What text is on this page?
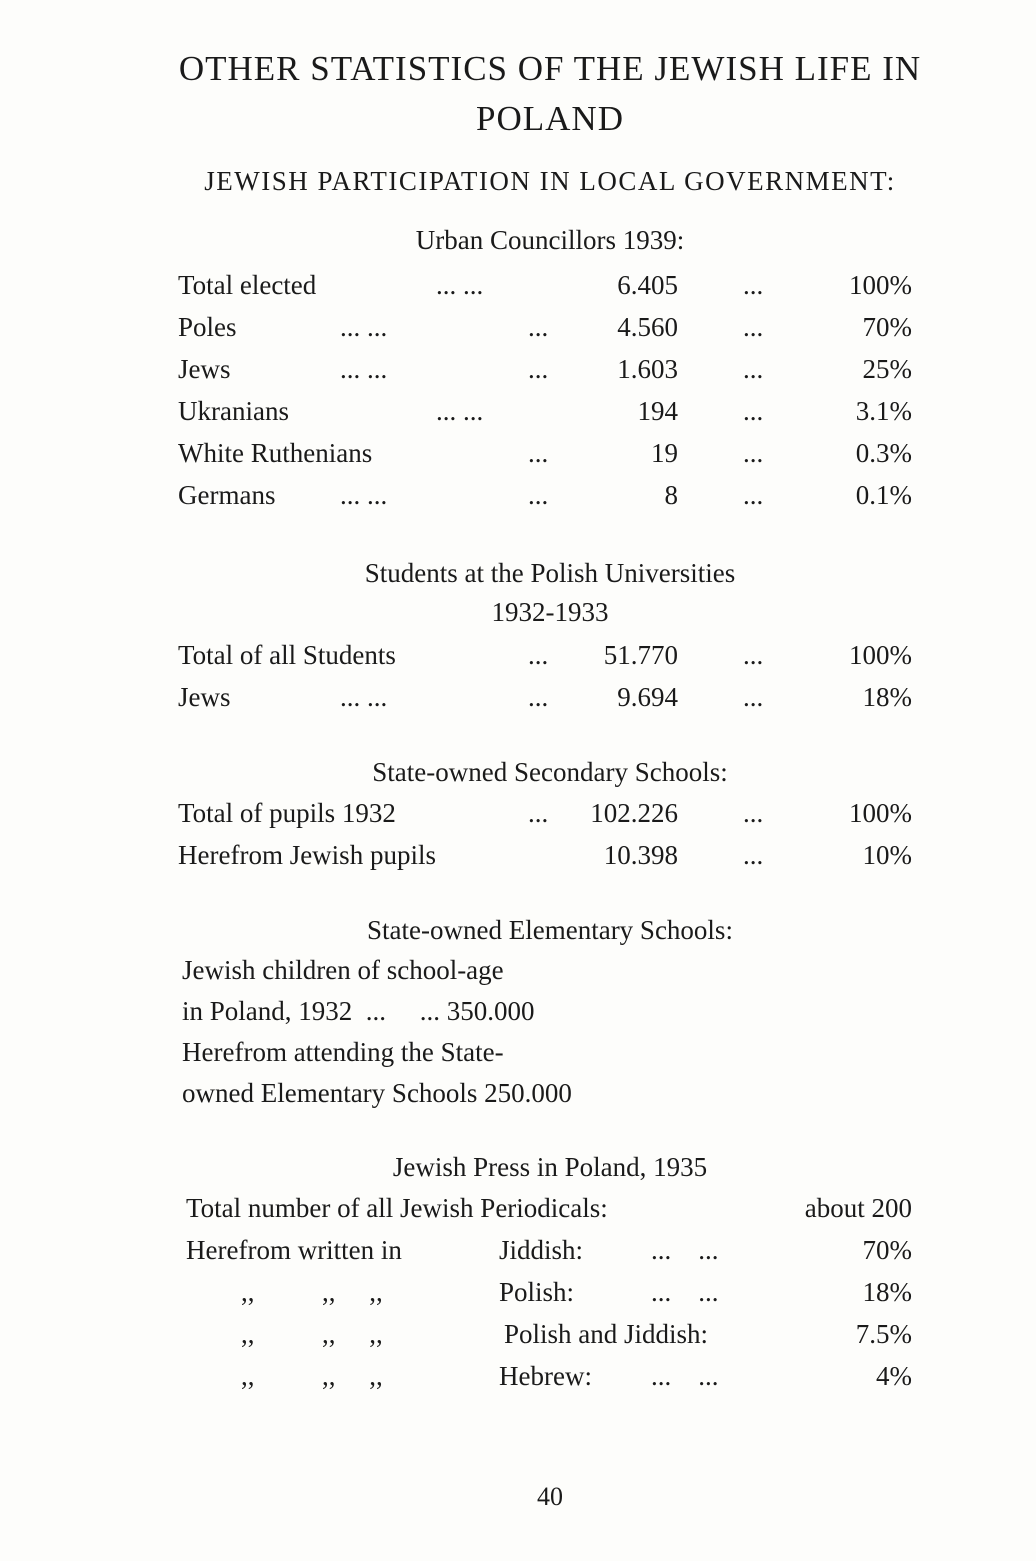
OTHER STATISTICS OF THE JEWISH LIFE IN
POLAND
JEWISH PARTICIPATION IN LOCAL GOVERNMENT:
Urban Councillors 1939:
Total elected	... ...	6.405 ...	100%
Poles	... ...	...	4.560 ...	70%
Jews	... ...	...	1.603 ...	25%
Ukranians	... ...	194 ...	3.1%
White Ruthenians	...	19 ...	0.3%
Germans ... ...	...	8 ...	0.1%
Students at the Polish Universities
1932-1933
Total of all Students	... 51.770 ...	100%
Jews	... ...	...	9.694 ...	18%
State-owned Secondary Schools:
Total of pupils 1932	... 102.226 ...	100%
Herefrom Jewish pupils	10.398 ...	10%
State-owned Elementary Schools:
Jewish children of school-age
in Poland, 1932  ...     ... 350.000
Herefrom attending the State-
owned Elementary Schools 250.000
Jewish Press in Poland, 1935
Total number of all Jewish Periodicals:	about 200
Herefrom written in	Jiddish:	...    ...	70%
,,          ,,     ,,	Polish:	...    ...	18%
,,          ,,     ,,	Polish and Jiddish:	7.5%
,,          ,,     ,,	Hebrew: ...    ...	4%
40
